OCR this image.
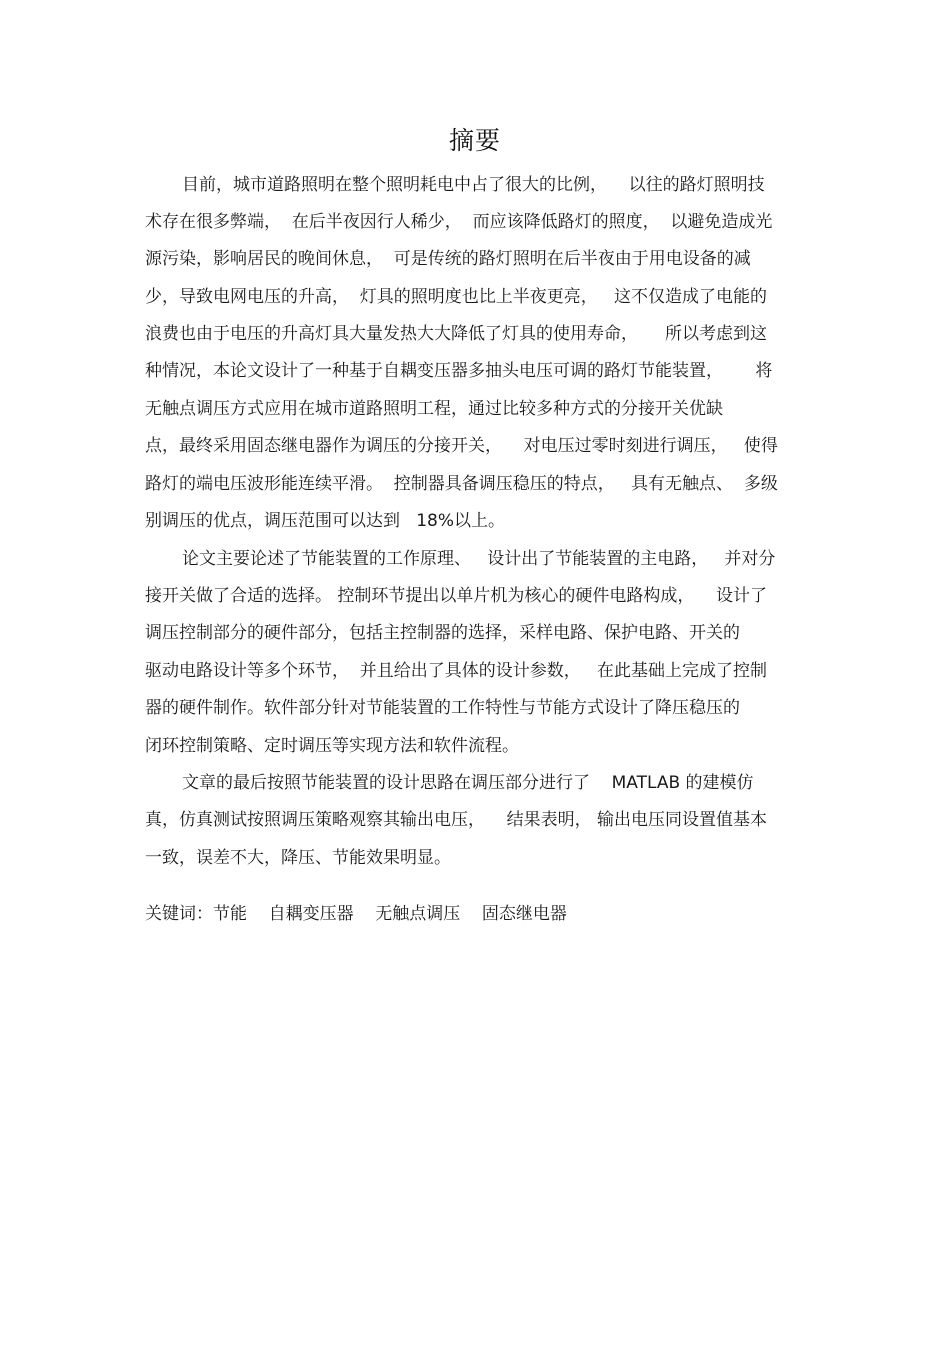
摘要
目前，城市道路照明在整个照明耗电中占了很大的比例，    以往的路灯照明技
术存在很多弊端，  在后半夜因行人稀少，  而应该降低路灯的照度，  以避免造成光
源污染，影响居民的晚间休息，  可是传统的路灯照明在后半夜由于用电设备的减
少，导致电网电压的升高，  灯具的照明度也比上半夜更亮，   这不仅造成了电能的
浪费也由于电压的升高灯具大量发热大大降低了灯具的使用寿命，     所以考虑到这
种情况，本论文设计了一种基于自耦变压器多抽头电压可调的路灯节能装置，      将
无触点调压方式应用在城市道路照明工程，通过比较多种方式的分接开关优缺
点，最终采用固态继电器作为调压的分接开关，    对电压过零时刻进行调压，   使得
路灯的端电压波形能连续平滑。  控制器具备调压稳压的特点，   具有无触点、  多级
别调压的优点，调压范围可以达到   18%以上。
论文主要论述了节能装置的工作原理、   设计出了节能装置的主电路，   并对分
接开关做了合适的选择。 控制环节提出以单片机为核心的硬件电路构成，    设计了
调压控制部分的硬件部分，包括主控制器的选择，采样电路、保护电路、开关的
驱动电路设计等多个环节，  并且给出了具体的设计参数，   在此基础上完成了控制
器的硬件制作。软件部分针对节能装置的工作特性与节能方式设计了降压稳压的
闭环控制策略、定时调压等实现方法和软件流程。
文章的最后按照节能装置的设计思路在调压部分进行了    MATLAB 的建模仿
真，仿真测试按照调压策略观察其输出电压，    结果表明， 输出电压同设置值基本
一致，误差不大，降压、节能效果明显。
关键词：节能    自耦变压器    无触点调压    固态继电器
